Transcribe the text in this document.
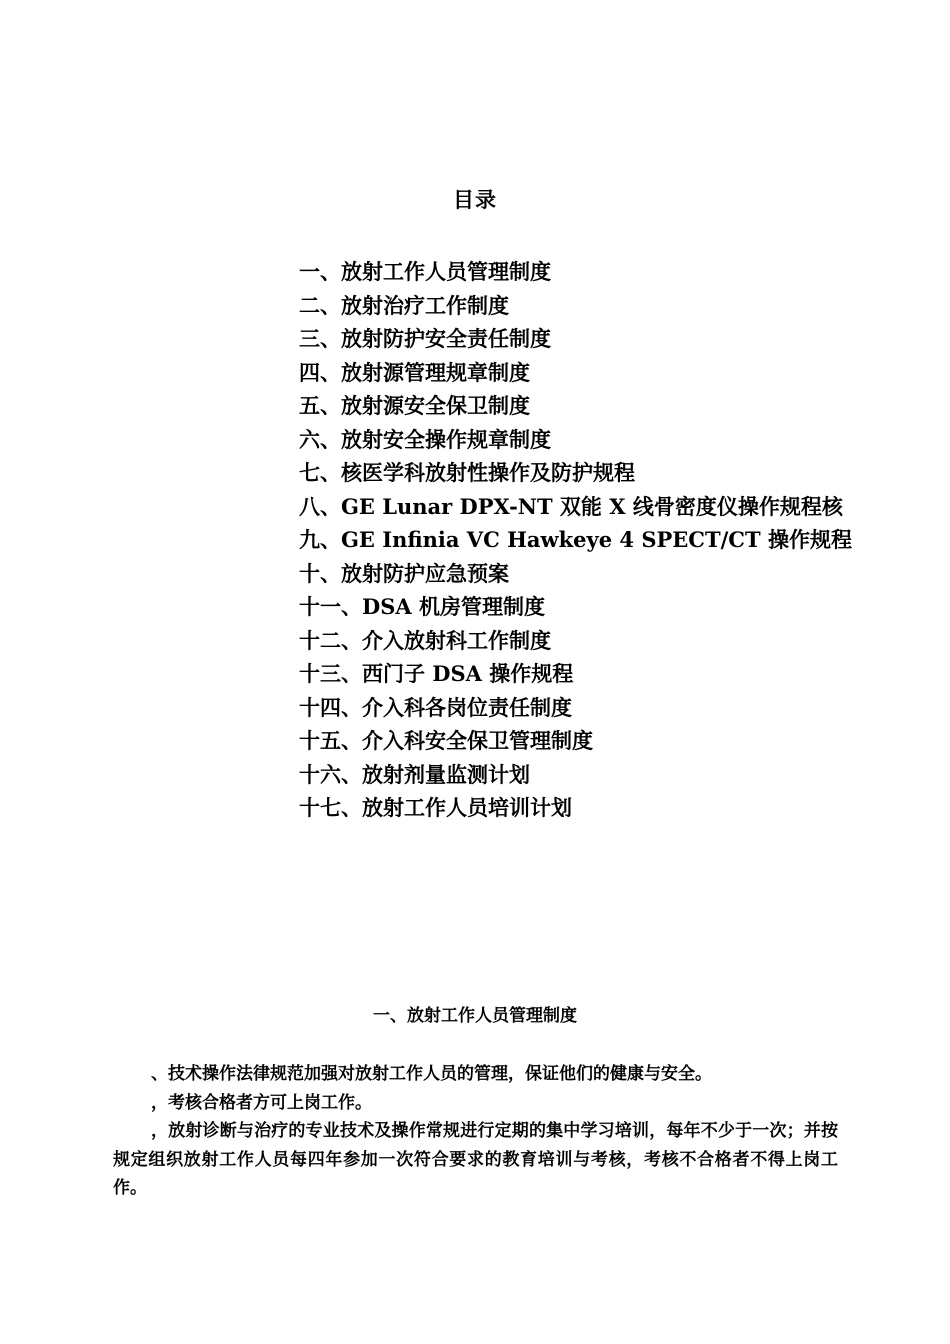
目录
一、放射工作人员管理制度
二、放射治疗工作制度
三、放射防护安全责任制度
四、放射源管理规章制度
五、放射源安全保卫制度
六、放射安全操作规章制度
七、核医学科放射性操作及防护规程
八、GE Lunar DPX-NT 双能 X 线骨密度仪操作规程核
九、GE Infinia VC Hawkeye 4 SPECT/CT 操作规程
十、放射防护应急预案
十一、DSA 机房管理制度
十二、介入放射科工作制度
十三、西门子 DSA 操作规程
十四、介入科各岗位责任制度
十五、介入科安全保卫管理制度
十六、放射剂量监测计划
十七、放射工作人员培训计划
一、放射工作人员管理制度

、技术操作法律规范加强对放射工作人员的管理，保证他们的健康与安全。

，考核合格者方可上岗工作。

，放射诊断与治疗的专业技术及操作常规进行定期的集中学习培训，每年不少于一次；并按规定组织放射工作人员每四年参加一次符合要求的教育培训与考核，考核不合格者不得上岗工作。
